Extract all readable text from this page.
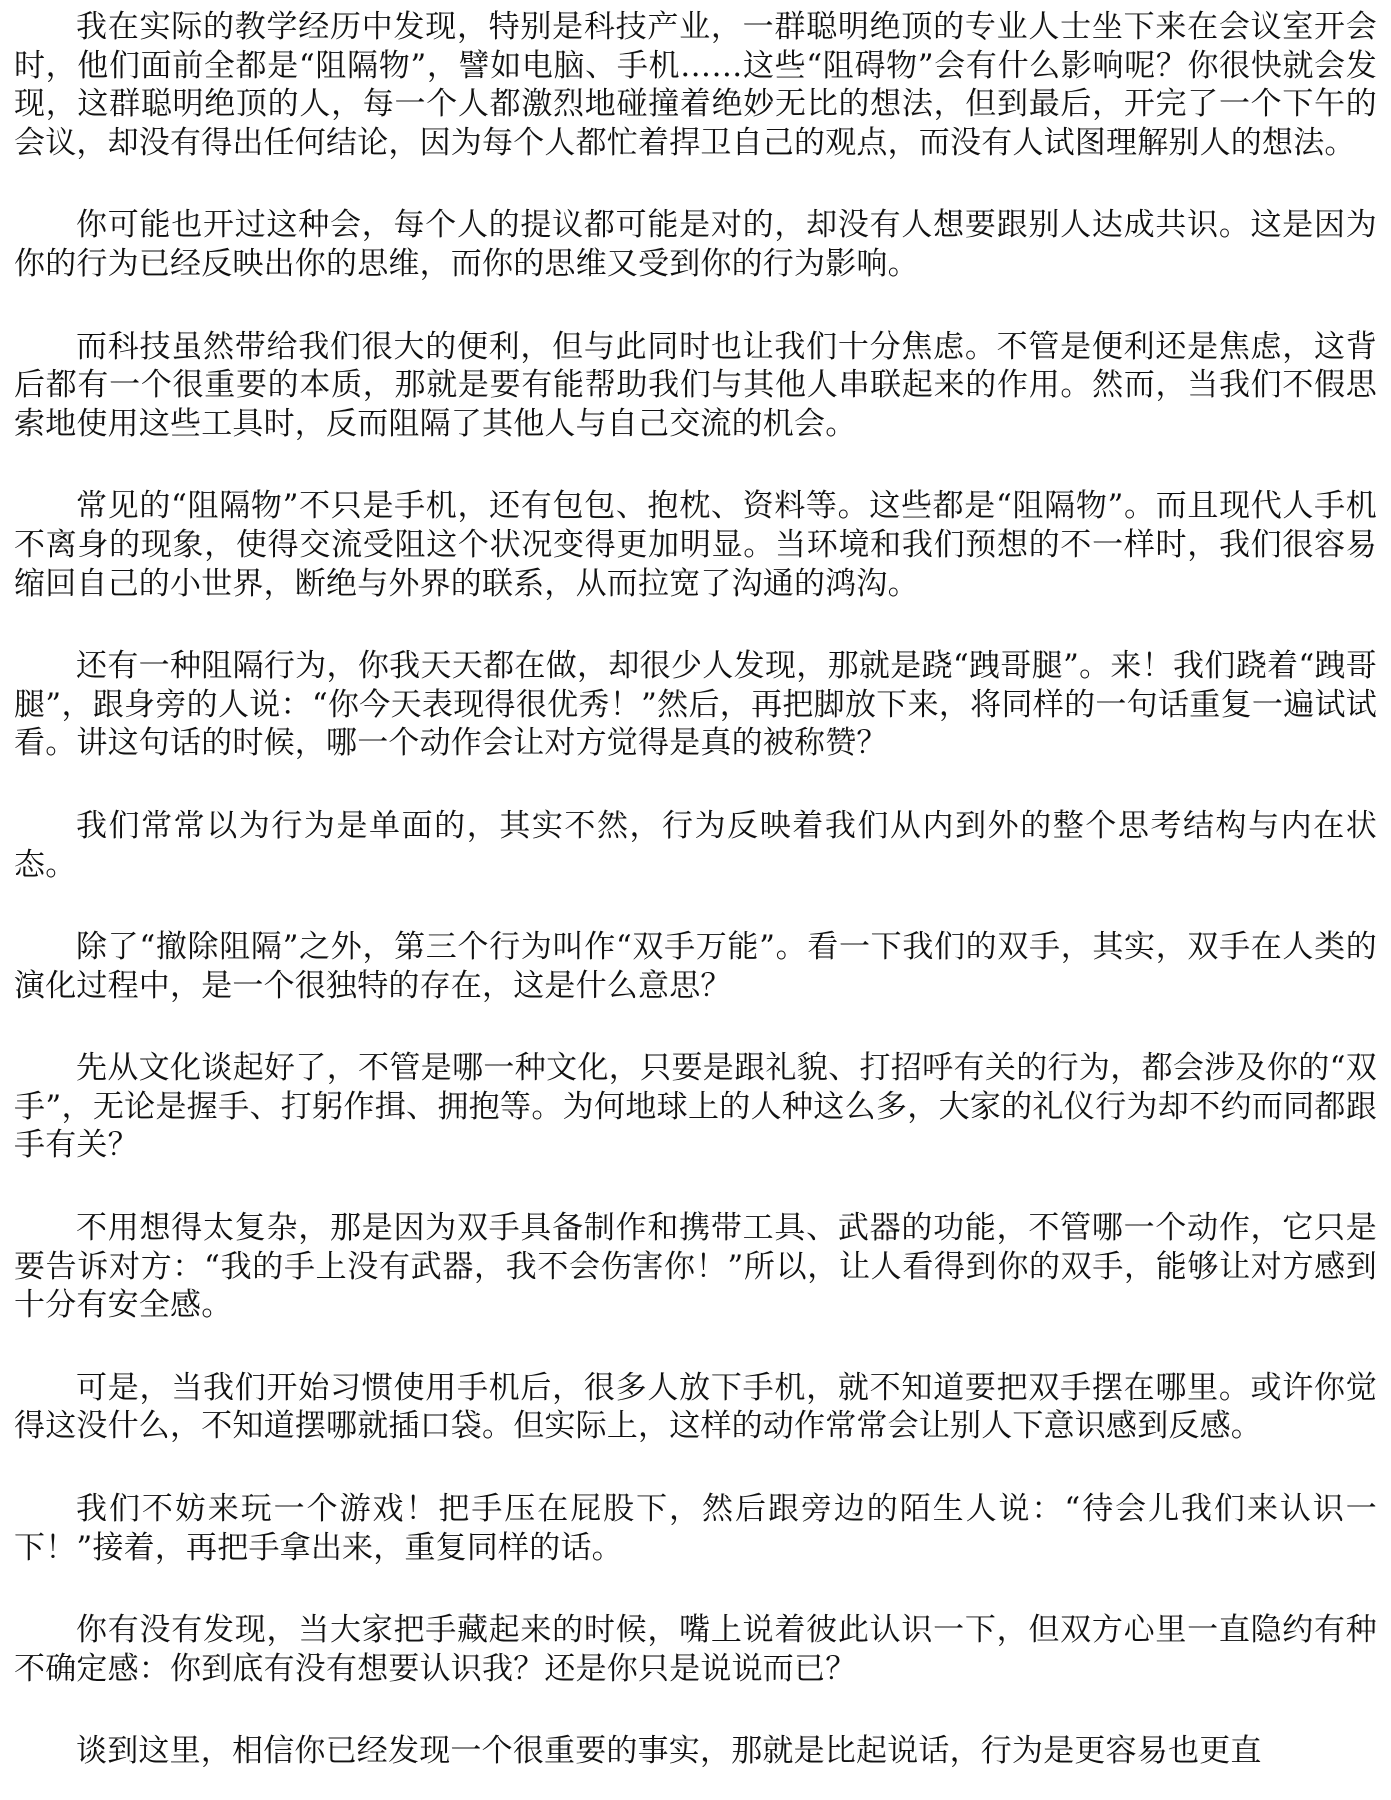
我在实际的教学经历中发现，特别是科技产业，一群聪明绝顶的专业人士坐下来在会议室开会时，他们面前全都是“阻隔物”，譬如电脑、手机……这些“阻碍物”会有什么影响呢？你很快就会发现，这群聪明绝顶的人，每一个人都激烈地碰撞着绝妙无比的想法，但到最后，开完了一个下午的会议，却没有得出任何结论，因为每个人都忙着捍卫自己的观点，而没有人试图理解别人的想法。

你可能也开过这种会，每个人的提议都可能是对的，却没有人想要跟别人达成共识。这是因为你的行为已经反映出你的思维，而你的思维又受到你的行为影响。

而科技虽然带给我们很大的便利，但与此同时也让我们十分焦虑。不管是便利还是焦虑，这背后都有一个很重要的本质，那就是要有能帮助我们与其他人串联起来的作用。然而，当我们不假思索地使用这些工具时，反而阻隔了其他人与自己交流的机会。

常见的“阻隔物”不只是手机，还有包包、抱枕、资料等。这些都是“阻隔物”。而且现代人手机不离身的现象，使得交流受阻这个状况变得更加明显。当环境和我们预想的不一样时，我们很容易缩回自己的小世界，断绝与外界的联系，从而拉宽了沟通的鸿沟。

还有一种阻隔行为，你我天天都在做，却很少人发现，那就是跷“跩哥腿”。来！我们跷着“跩哥腿”，跟身旁的人说：“你今天表现得很优秀！”然后，再把脚放下来，将同样的一句话重复一遍试试看。讲这句话的时候，哪一个动作会让对方觉得是真的被称赞？

我们常常以为行为是单面的，其实不然，行为反映着我们从内到外的整个思考结构与内在状态。

除了“撤除阻隔”之外，第三个行为叫作“双手万能”。看一下我们的双手，其实，双手在人类的演化过程中，是一个很独特的存在，这是什么意思？

先从文化谈起好了，不管是哪一种文化，只要是跟礼貌、打招呼有关的行为，都会涉及你的“双手”，无论是握手、打躬作揖、拥抱等。为何地球上的人种这么多，大家的礼仪行为却不约而同都跟手有关？

不用想得太复杂，那是因为双手具备制作和携带工具、武器的功能，不管哪一个动作，它只是要告诉对方：“我的手上没有武器，我不会伤害你！”所以，让人看得到你的双手，能够让对方感到十分有安全感。

可是，当我们开始习惯使用手机后，很多人放下手机，就不知道要把双手摆在哪里。或许你觉得这没什么，不知道摆哪就插口袋。但实际上，这样的动作常常会让别人下意识感到反感。

我们不妨来玩一个游戏！把手压在屁股下，然后跟旁边的陌生人说：“待会儿我们来认识一下！”接着，再把手拿出来，重复同样的话。

你有没有发现，当大家把手藏起来的时候，嘴上说着彼此认识一下，但双方心里一直隐约有种不确定感：你到底有没有想要认识我？还是你只是说说而已？

谈到这里，相信你已经发现一个很重要的事实，那就是比起说话，行为是更容易也更直
